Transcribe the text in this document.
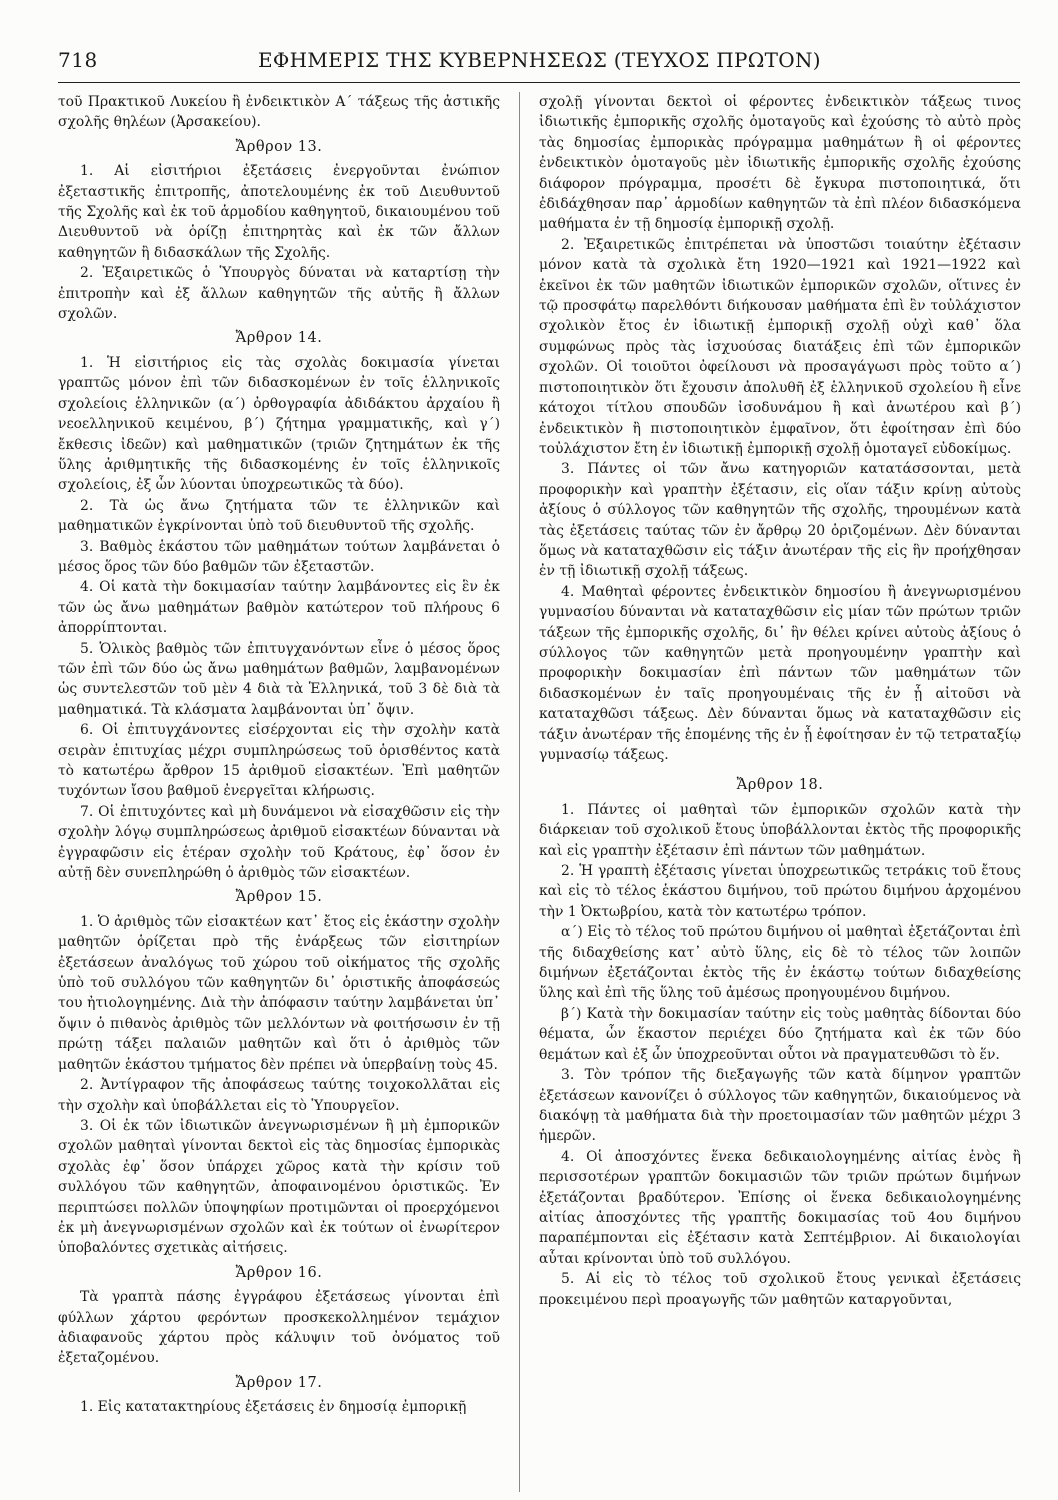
718	ΕΦΗΜΕΡΙΣ ΤΗΣ ΚΥΒΕΡΝΗΣΕΩΣ (ΤΕΥΧΟΣ ΠΡΩΤΟΝ)

τοῦ Πρακτικοῦ Λυκείου ἢ ἐνδεικτικὸν Α΄ τάξεως τῆς ἀστικῆς σχολῆς θηλέων (Ἀρσακείου).

Ἄρθρον 13.

1. Αἱ εἰσιτήριοι ἐξετάσεις ἐνεργοῦνται ἐνώπιον ἐξεταστικῆς ἐπιτροπῆς, ἀποτελουμένης ἐκ τοῦ Διευθυντοῦ τῆς Σχολῆς καὶ ἐκ τοῦ ἁρμοδίου καθηγητοῦ, δικαιουμένου τοῦ Διευθυντοῦ νὰ ὁρίζῃ ἐπιτηρητὰς καὶ ἐκ τῶν ἄλλων καθηγητῶν ἢ διδασκάλων τῆς Σχολῆς.

2. Ἐξαιρετικῶς ὁ Ὑπουργὸς δύναται νὰ καταρτίσῃ τὴν ἐπιτροπὴν καὶ ἐξ ἄλλων καθηγητῶν τῆς αὐτῆς ἢ ἄλλων σχολῶν.

Ἄρθρον 14.

1. Ἡ εἰσιτήριος εἰς τὰς σχολὰς δοκιμασία γίνεται γραπτῶς μόνον ἐπὶ τῶν διδασκομένων ἐν τοῖς ἑλληνικοῖς σχολείοις ἑλληνικῶν (α΄) ὀρθογραφία ἀδιδάκτου ἀρχαίου ἢ νεοελληνικοῦ κειμένου, β΄) ζήτημα γραμματικῆς, καὶ γ΄) ἔκθεσις ἰδεῶν) καὶ μαθηματικῶν (τριῶν ζητημάτων ἐκ τῆς ὕλης ἀριθμητικῆς τῆς διδασκομένης ἐν τοῖς ἑλληνικοῖς σχολείοις, ἐξ ὧν λύονται ὑποχρεωτικῶς τὰ δύο).

2. Τὰ ὡς ἄνω ζητήματα τῶν τε ἑλληνικῶν καὶ μαθηματικῶν ἐγκρίνονται ὑπὸ τοῦ διευθυντοῦ τῆς σχολῆς.

3. Βαθμὸς ἑκάστου τῶν μαθημάτων τούτων λαμβάνεται ὁ μέσος ὅρος τῶν δύο βαθμῶν τῶν ἐξεταστῶν.

4. Οἱ κατὰ τὴν δοκιμασίαν ταύτην λαμβάνοντες εἰς ἓν ἐκ τῶν ὡς ἄνω μαθημάτων βαθμὸν κατώτερον τοῦ πλήρους 6 ἀπορρίπτονται.

5. Ὁλικὸς βαθμὸς τῶν ἐπιτυγχανόντων εἶνε ὁ μέσος ὅρος τῶν ἐπὶ τῶν δύο ὡς ἄνω μαθημάτων βαθμῶν, λαμβανομένων ὡς συντελεστῶν τοῦ μὲν 4 διὰ τὰ Ἑλληνικά, τοῦ 3 δὲ διὰ τὰ μαθηματικά. Τὰ κλάσματα λαμβάνονται ὑπ᾿ ὄψιν.

6. Οἱ ἐπιτυγχάνοντες εἰσέρχονται εἰς τὴν σχολὴν κατὰ σειρὰν ἐπιτυχίας μέχρι συμπληρώσεως τοῦ ὁρισθέντος κατὰ τὸ κατωτέρω ἄρθρον 15 ἀριθμοῦ εἰσακτέων. Ἐπὶ μαθητῶν τυχόντων ἴσου βαθμοῦ ἐνεργεῖται κλήρωσις.

7. Οἱ ἐπιτυχόντες καὶ μὴ δυνάμενοι νὰ εἰσαχθῶσιν εἰς τὴν σχολὴν λόγῳ συμπληρώσεως ἀριθμοῦ εἰσακτέων δύνανται νὰ ἐγγραφῶσιν εἰς ἑτέραν σχολὴν τοῦ Κράτους, ἐφ᾿ ὅσον ἐν αὐτῇ δὲν συνεπληρώθη ὁ ἀριθμὸς τῶν εἰσακτέων.

Ἄρθρον 15.

1. Ὁ ἀριθμὸς τῶν εἰσακτέων κατ᾿ ἔτος εἰς ἑκάστην σχολὴν μαθητῶν ὁρίζεται πρὸ τῆς ἐνάρξεως τῶν εἰσιτηρίων ἐξετάσεων ἀναλόγως τοῦ χώρου τοῦ οἰκήματος τῆς σχολῆς ὑπὸ τοῦ συλλόγου τῶν καθηγητῶν δι᾿ ὁριστικῆς ἀποφάσεώς του ἠτιολογημένης. Διὰ τὴν ἀπόφασιν ταύτην λαμβάνεται ὑπ᾿ ὄψιν ὁ πιθανὸς ἀριθμὸς τῶν μελλόντων νὰ φοιτήσωσιν ἐν τῇ πρώτῃ τάξει παλαιῶν μαθητῶν καὶ ὅτι ὁ ἀριθμὸς τῶν μαθητῶν ἑκάστου τμήματος δὲν πρέπει νὰ ὑπερβαίνῃ τοὺς 45.

2. Ἀντίγραφον τῆς ἀποφάσεως ταύτης τοιχοκολλᾶται εἰς τὴν σχολὴν καὶ ὑποβάλλεται εἰς τὸ Ὑπουργεῖον.

3. Οἱ ἐκ τῶν ἰδιωτικῶν ἀνεγνωρισμένων ἢ μὴ ἐμπορικῶν σχολῶν μαθηταὶ γίνονται δεκτοὶ εἰς τὰς δημοσίας ἐμπορικὰς σχολὰς ἐφ᾿ ὅσον ὑπάρχει χῶρος κατὰ τὴν κρίσιν τοῦ συλλόγου τῶν καθηγητῶν, ἀποφαινομένου ὁριστικῶς. Ἐν περιπτώσει πολλῶν ὑποψηφίων προτιμῶνται οἱ προερχόμενοι ἐκ μὴ ἀνεγνωρισμένων σχολῶν καὶ ἐκ τούτων οἱ ἐνωρίτερον ὑποβαλόντες σχετικὰς αἰτήσεις.

Ἄρθρον 16.

Τὰ γραπτὰ πάσης ἐγγράφου ἐξετάσεως γίνονται ἐπὶ φύλλων χάρτου φερόντων προσκεκολλημένον τεμάχιον ἀδιαφανοῦς χάρτου πρὸς κάλυψιν τοῦ ὀνόματος τοῦ ἐξεταζομένου.

Ἄρθρον 17.

1. Εἰς κατατακτηρίους ἐξετάσεις ἐν δημοσίᾳ ἐμπορικῇ

σχολῇ γίνονται δεκτοὶ οἱ φέροντες ἐνδεικτικὸν τάξεως τινος ἰδιωτικῆς ἐμπορικῆς σχολῆς ὁμοταγοῦς καὶ ἐχούσης τὸ αὐτὸ πρὸς τὰς δημοσίας ἐμπορικὰς πρόγραμμα μαθημάτων ἢ οἱ φέροντες ἐνδεικτικὸν ὁμοταγοῦς μὲν ἰδιωτικῆς ἐμπορικῆς σχολῆς ἐχούσης διάφορον πρόγραμμα, προσέτι δὲ ἔγκυρα πιστοποιητικά, ὅτι ἐδιδάχθησαν παρ᾿ ἁρμοδίων καθηγητῶν τὰ ἐπὶ πλέον διδασκόμενα μαθήματα ἐν τῇ δημοσίᾳ ἐμπορικῇ σχολῇ.

2. Ἐξαιρετικῶς ἐπιτρέπεται νὰ ὑποστῶσι τοιαύτην ἐξέτασιν μόνον κατὰ τὰ σχολικὰ ἔτη 1920—1921 καὶ 1921—1922 καὶ ἐκεῖνοι ἐκ τῶν μαθητῶν ἰδιωτικῶν ἐμπορικῶν σχολῶν, οἵτινες ἐν τῷ προσφάτῳ παρελθόντι διήκουσαν μαθήματα ἐπὶ ἓν τοὐλάχιστον σχολικὸν ἔτος ἐν ἰδιωτικῇ ἐμπορικῇ σχολῇ οὐχὶ καθ᾿ ὅλα συμφώνως πρὸς τὰς ἰσχυούσας διατάξεις ἐπὶ τῶν ἐμπορικῶν σχολῶν. Οἱ τοιοῦτοι ὀφείλουσι νὰ προσαγάγωσι πρὸς τοῦτο α΄) πιστοποιητικὸν ὅτι ἔχουσιν ἀπολυθῆ ἐξ ἑλληνικοῦ σχολείου ἢ εἶνε κάτοχοι τίτλου σπουδῶν ἰσοδυνάμου ἢ καὶ ἀνωτέρου καὶ β΄) ἐνδεικτικὸν ἢ πιστοποιητικὸν ἐμφαῖνον, ὅτι ἐφοίτησαν ἐπὶ δύο τοὐλάχιστον ἔτη ἐν ἰδιωτικῇ ἐμπορικῇ σχολῇ ὁμοταγεῖ εὐδοκίμως.

3. Πάντες οἱ τῶν ἄνω κατηγοριῶν κατατάσσονται, μετὰ προφορικὴν καὶ γραπτὴν ἐξέτασιν, εἰς οἵαν τάξιν κρίνῃ αὐτοὺς ἀξίους ὁ σύλλογος τῶν καθηγητῶν τῆς σχολῆς, τηρουμένων κατὰ τὰς ἐξετάσεις ταύτας τῶν ἐν ἄρθρῳ 20 ὁριζομένων. Δὲν δύνανται ὅμως νὰ καταταχθῶσιν εἰς τάξιν ἀνωτέραν τῆς εἰς ἣν προήχθησαν ἐν τῇ ἰδιωτικῇ σχολῇ τάξεως.

4. Μαθηταὶ φέροντες ἐνδεικτικὸν δημοσίου ἢ ἀνεγνωρισμένου γυμνασίου δύνανται νὰ καταταχθῶσιν εἰς μίαν τῶν πρώτων τριῶν τάξεων τῆς ἐμπορικῆς σχολῆς, δι᾿ ἣν θέλει κρίνει αὐτοὺς ἀξίους ὁ σύλλογος τῶν καθηγητῶν μετὰ προηγουμένην γραπτὴν καὶ προφορικὴν δοκιμασίαν ἐπὶ πάντων τῶν μαθημάτων τῶν διδασκομένων ἐν ταῖς προηγουμέναις τῆς ἐν ᾗ αἰτοῦσι νὰ καταταχθῶσι τάξεως. Δὲν δύνανται ὅμως νὰ καταταχθῶσιν εἰς τάξιν ἀνωτέραν τῆς ἑπομένης τῆς ἐν ᾗ ἐφοίτησαν ἐν τῷ τετραταξίῳ γυμνασίῳ τάξεως.

Ἄρθρον 18.

1. Πάντες οἱ μαθηταὶ τῶν ἐμπορικῶν σχολῶν κατὰ τὴν διάρκειαν τοῦ σχολικοῦ ἔτους ὑποβάλλονται ἐκτὸς τῆς προφορικῆς καὶ εἰς γραπτὴν ἐξέτασιν ἐπὶ πάντων τῶν μαθημάτων.

2. Ἡ γραπτὴ ἐξέτασις γίνεται ὑποχρεωτικῶς τετράκις τοῦ ἔτους καὶ εἰς τὸ τέλος ἑκάστου διμήνου, τοῦ πρώτου διμήνου ἀρχομένου τὴν 1 Ὀκτωβρίου, κατὰ τὸν κατωτέρω τρόπον.

α΄) Εἰς τὸ τέλος τοῦ πρώτου διμήνου οἱ μαθηταὶ ἐξετάζονται ἐπὶ τῆς διδαχθείσης κατ᾿ αὐτὸ ὕλης, εἰς δὲ τὸ τέλος τῶν λοιπῶν διμήνων ἐξετάζονται ἐκτὸς τῆς ἐν ἑκάστῳ τούτων διδαχθείσης ὕλης καὶ ἐπὶ τῆς ὕλης τοῦ ἀμέσως προηγουμένου διμήνου.

β΄) Κατὰ τὴν δοκιμασίαν ταύτην εἰς τοὺς μαθητὰς δίδονται δύο θέματα, ὧν ἕκαστον περιέχει δύο ζητήματα καὶ ἐκ τῶν δύο θεμάτων καὶ ἐξ ὧν ὑποχρεοῦνται οὗτοι νὰ πραγματευθῶσι τὸ ἕν.

3. Τὸν τρόπον τῆς διεξαγωγῆς τῶν κατὰ δίμηνον γραπτῶν ἐξετάσεων κανονίζει ὁ σύλλογος τῶν καθηγητῶν, δικαιούμενος νὰ διακόψῃ τὰ μαθήματα διὰ τὴν προετοιμασίαν τῶν μαθητῶν μέχρι 3 ἡμερῶν.

4. Οἱ ἀποσχόντες ἕνεκα δεδικαιολογημένης αἰτίας ἑνὸς ἢ περισσοτέρων γραπτῶν δοκιμασιῶν τῶν τριῶν πρώτων διμήνων ἐξετάζονται βραδύτερον. Ἐπίσης οἱ ἕνεκα δεδικαιολογημένης αἰτίας ἀποσχόντες τῆς γραπτῆς δοκιμασίας τοῦ 4ου διμήνου παραπέμπονται εἰς ἐξέτασιν κατὰ Σεπτέμβριον. Αἱ δικαιολογίαι αὗται κρίνονται ὑπὸ τοῦ συλλόγου.

5. Αἱ εἰς τὸ τέλος τοῦ σχολικοῦ ἔτους γενικαὶ ἐξετάσεις προκειμένου περὶ προαγωγῆς τῶν μαθητῶν καταργοῦνται,
